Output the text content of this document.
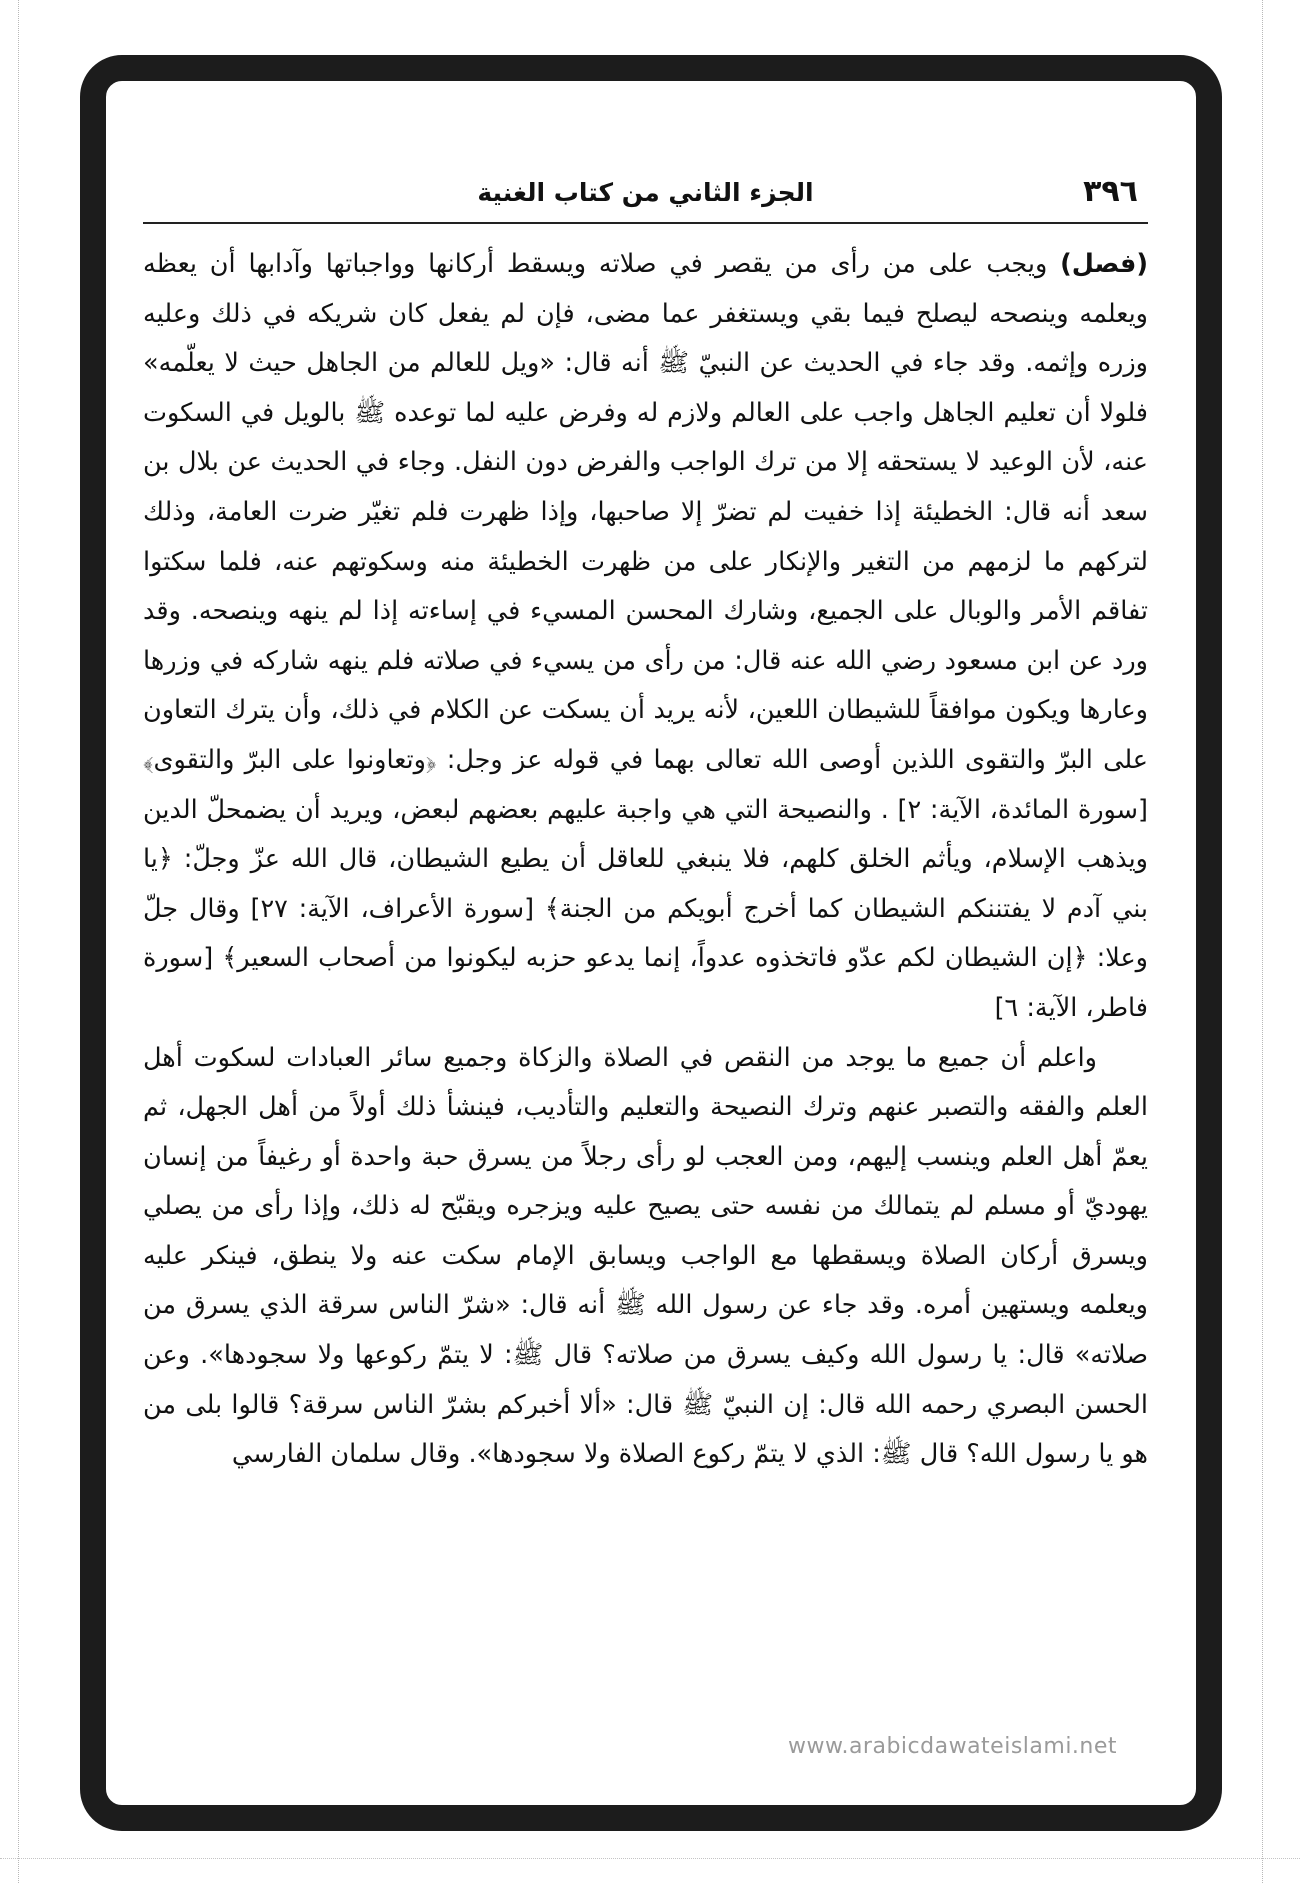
٣٩٦
الجزء الثاني من كتاب الغنية

(فصل) ويجب على من رأى من يقصر في صلاته ويسقط أركانها وواجباتها وآدابها أن يعظه ويعلمه وينصحه ليصلح فيما بقي ويستغفر عما مضى، فإن لم يفعل كان شريكه في ذلك وعليه وزره وإثمه. وقد جاء في الحديث عن النبيّ ﷺ أنه قال: «ويل للعالم من الجاهل حيث لا يعلّمه» فلولا أن تعليم الجاهل واجب على العالم ولازم له وفرض عليه لما توعده ﷺ بالويل في السكوت عنه، لأن الوعيد لا يستحقه إلا من ترك الواجب والفرض دون النفل. وجاء في الحديث عن بلال بن سعد أنه قال: الخطيئة إذا خفيت لم تضرّ إلا صاحبها، وإذا ظهرت فلم تغيّر ضرت العامة، وذلك لتركهم ما لزمهم من التغير والإنكار على من ظهرت الخطيئة منه وسكوتهم عنه، فلما سكتوا تفاقم الأمر والوبال على الجميع، وشارك المحسن المسيء في إساءته إذا لم ينهه وينصحه. وقد ورد عن ابن مسعود رضي الله عنه قال: من رأى من يسيء في صلاته فلم ينهه شاركه في وزرها وعارها ويكون موافقاً للشيطان اللعين، لأنه يريد أن يسكت عن الكلام في ذلك، وأن يترك التعاون على البرّ والتقوى اللذين أوصى الله تعالى بهما في قوله عز وجل: ﴿وتعاونوا على البرّ والتقوى﴾ [سورة المائدة، الآية: ٢] . والنصيحة التي هي واجبة عليهم بعضهم لبعض، ويريد أن يضمحلّ الدين ويذهب الإسلام، ويأثم الخلق كلهم، فلا ينبغي للعاقل أن يطيع الشيطان، قال الله عزّ وجلّ: ﴿يا بني آدم لا يفتننكم الشيطان كما أخرج أبويكم من الجنة﴾ [سورة الأعراف، الآية: ٢٧] وقال جلّ وعلا: ﴿إن الشيطان لكم عدّو فاتخذوه عدواً، إنما يدعو حزبه ليكونوا من أصحاب السعير﴾ [سورة فاطر، الآية: ٦]

  واعلم أن جميع ما يوجد من النقص في الصلاة والزكاة وجميع سائر العبادات لسكوت أهل العلم والفقه والتصبر عنهم وترك النصيحة والتعليم والتأديب، فينشأ ذلك أولاً من أهل الجهل، ثم يعمّ أهل العلم وينسب إليهم، ومن العجب لو رأى رجلاً من يسرق حبة واحدة أو رغيفاً من إنسان يهوديّ أو مسلم لم يتمالك من نفسه حتى يصيح عليه ويزجره ويقبّح له ذلك، وإذا رأى من يصلي ويسرق أركان الصلاة ويسقطها مع الواجب ويسابق الإمام سكت عنه ولا ينطق، فينكر عليه ويعلمه ويستهين أمره. وقد جاء عن رسول الله ﷺ أنه قال: «شرّ الناس سرقة الذي يسرق من صلاته» قال: يا رسول الله وكيف يسرق من صلاته؟ قال ﷺ: لا يتمّ ركوعها ولا سجودها». وعن الحسن البصري رحمه الله قال: إن النبيّ ﷺ قال: «ألا أخبركم بشرّ الناس سرقة؟ قالوا بلى من هو يا رسول الله؟ قال ﷺ: الذي لا يتمّ ركوع الصلاة ولا سجودها». وقال سلمان الفارسي

www.arabicdawateislami.net
